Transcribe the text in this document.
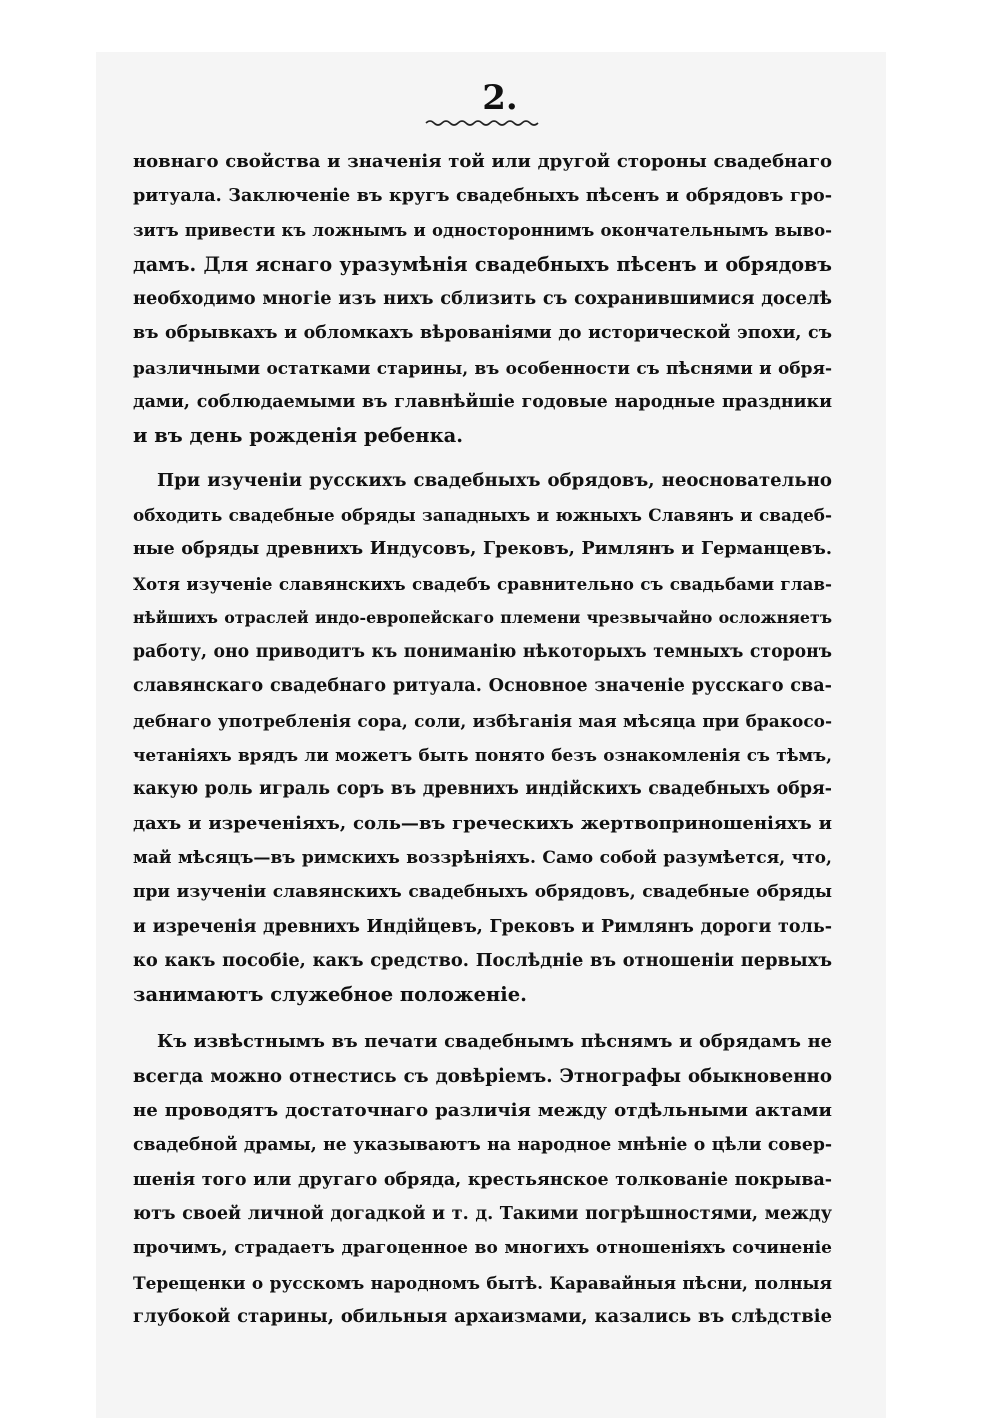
2.

новнаго свойства и значенія той или другой стороны свадебнаго
ритуала. Заключеніе въ кругъ свадебныхъ пѣсенъ и обрядовъ гро-
зитъ привести къ ложнымъ и одностороннимъ окончательнымъ выво-
дамъ. Для яснаго уразумѣнія свадебныхъ пѣсенъ и обрядовъ
необходимо многіе изъ нихъ сблизить съ сохранившимися доселѣ
въ обрывкахъ и обломкахъ вѣрованіями до исторической эпохи, съ
различными остатками старины, въ особенности съ пѣснями и обря-
дами, соблюдаемыми въ главнѣйшіе годовые народные праздники
и въ день рожденія ребенка.

При изученіи русскихъ свадебныхъ обрядовъ, неосновательно
обходить свадебные обряды западныхъ и южныхъ Славянъ и свадеб-
ные обряды древнихъ Индусовъ, Грековъ, Римлянъ и Германцевъ.
Хотя изученіе славянскихъ свадебъ сравнительно съ свадьбами глав-
нѣйшихъ отраслей индо-европейскаго племени чрезвычайно осложняетъ
работу, оно приводитъ къ пониманію нѣкоторыхъ темныхъ сторонъ
славянскаго свадебнаго ритуала. Основное значеніе русскаго сва-
дебнаго употребленія сора, соли, избѣганія мая мѣсяца при бракосо-
четаніяхъ врядъ ли можетъ быть понято безъ ознакомленія съ тѣмъ,
какую роль играль соръ въ древнихъ индійскихъ свадебныхъ обря-
дахъ и изреченіяхъ, соль—въ греческихъ жертвоприношеніяхъ и
май мѣсяцъ—въ римскихъ воззрѣніяхъ. Само собой разумѣется, что,
при изученіи славянскихъ свадебныхъ обрядовъ, свадебные обряды
и изреченія древнихъ Индійцевъ, Грековъ и Римлянъ дороги толь-
ко какъ пособіе, какъ средство. Послѣдніе въ отношеніи первыхъ
занимаютъ служебное положеніе.

Къ извѣстнымъ въ печати свадебнымъ пѣснямъ и обрядамъ не
всегда можно отнестись съ довѣріемъ. Этнографы обыкновенно
не проводятъ достаточнаго различія между отдѣльными актами
свадебной драмы, не указываютъ на народное мнѣніе о цѣли совер-
шенія того или другаго обряда, крестьянское толкованіе покрыва-
ютъ своей личной догадкой и т. д. Такими погрѣшностями, между
прочимъ, страдаетъ драгоценное во многихъ отношеніяхъ сочиненіе
Терещенки о русскомъ народномъ бытѣ. Каравайныя пѣсни, полныя
глубокой старины, обильныя архаизмами, казались въ слѣдствіе
